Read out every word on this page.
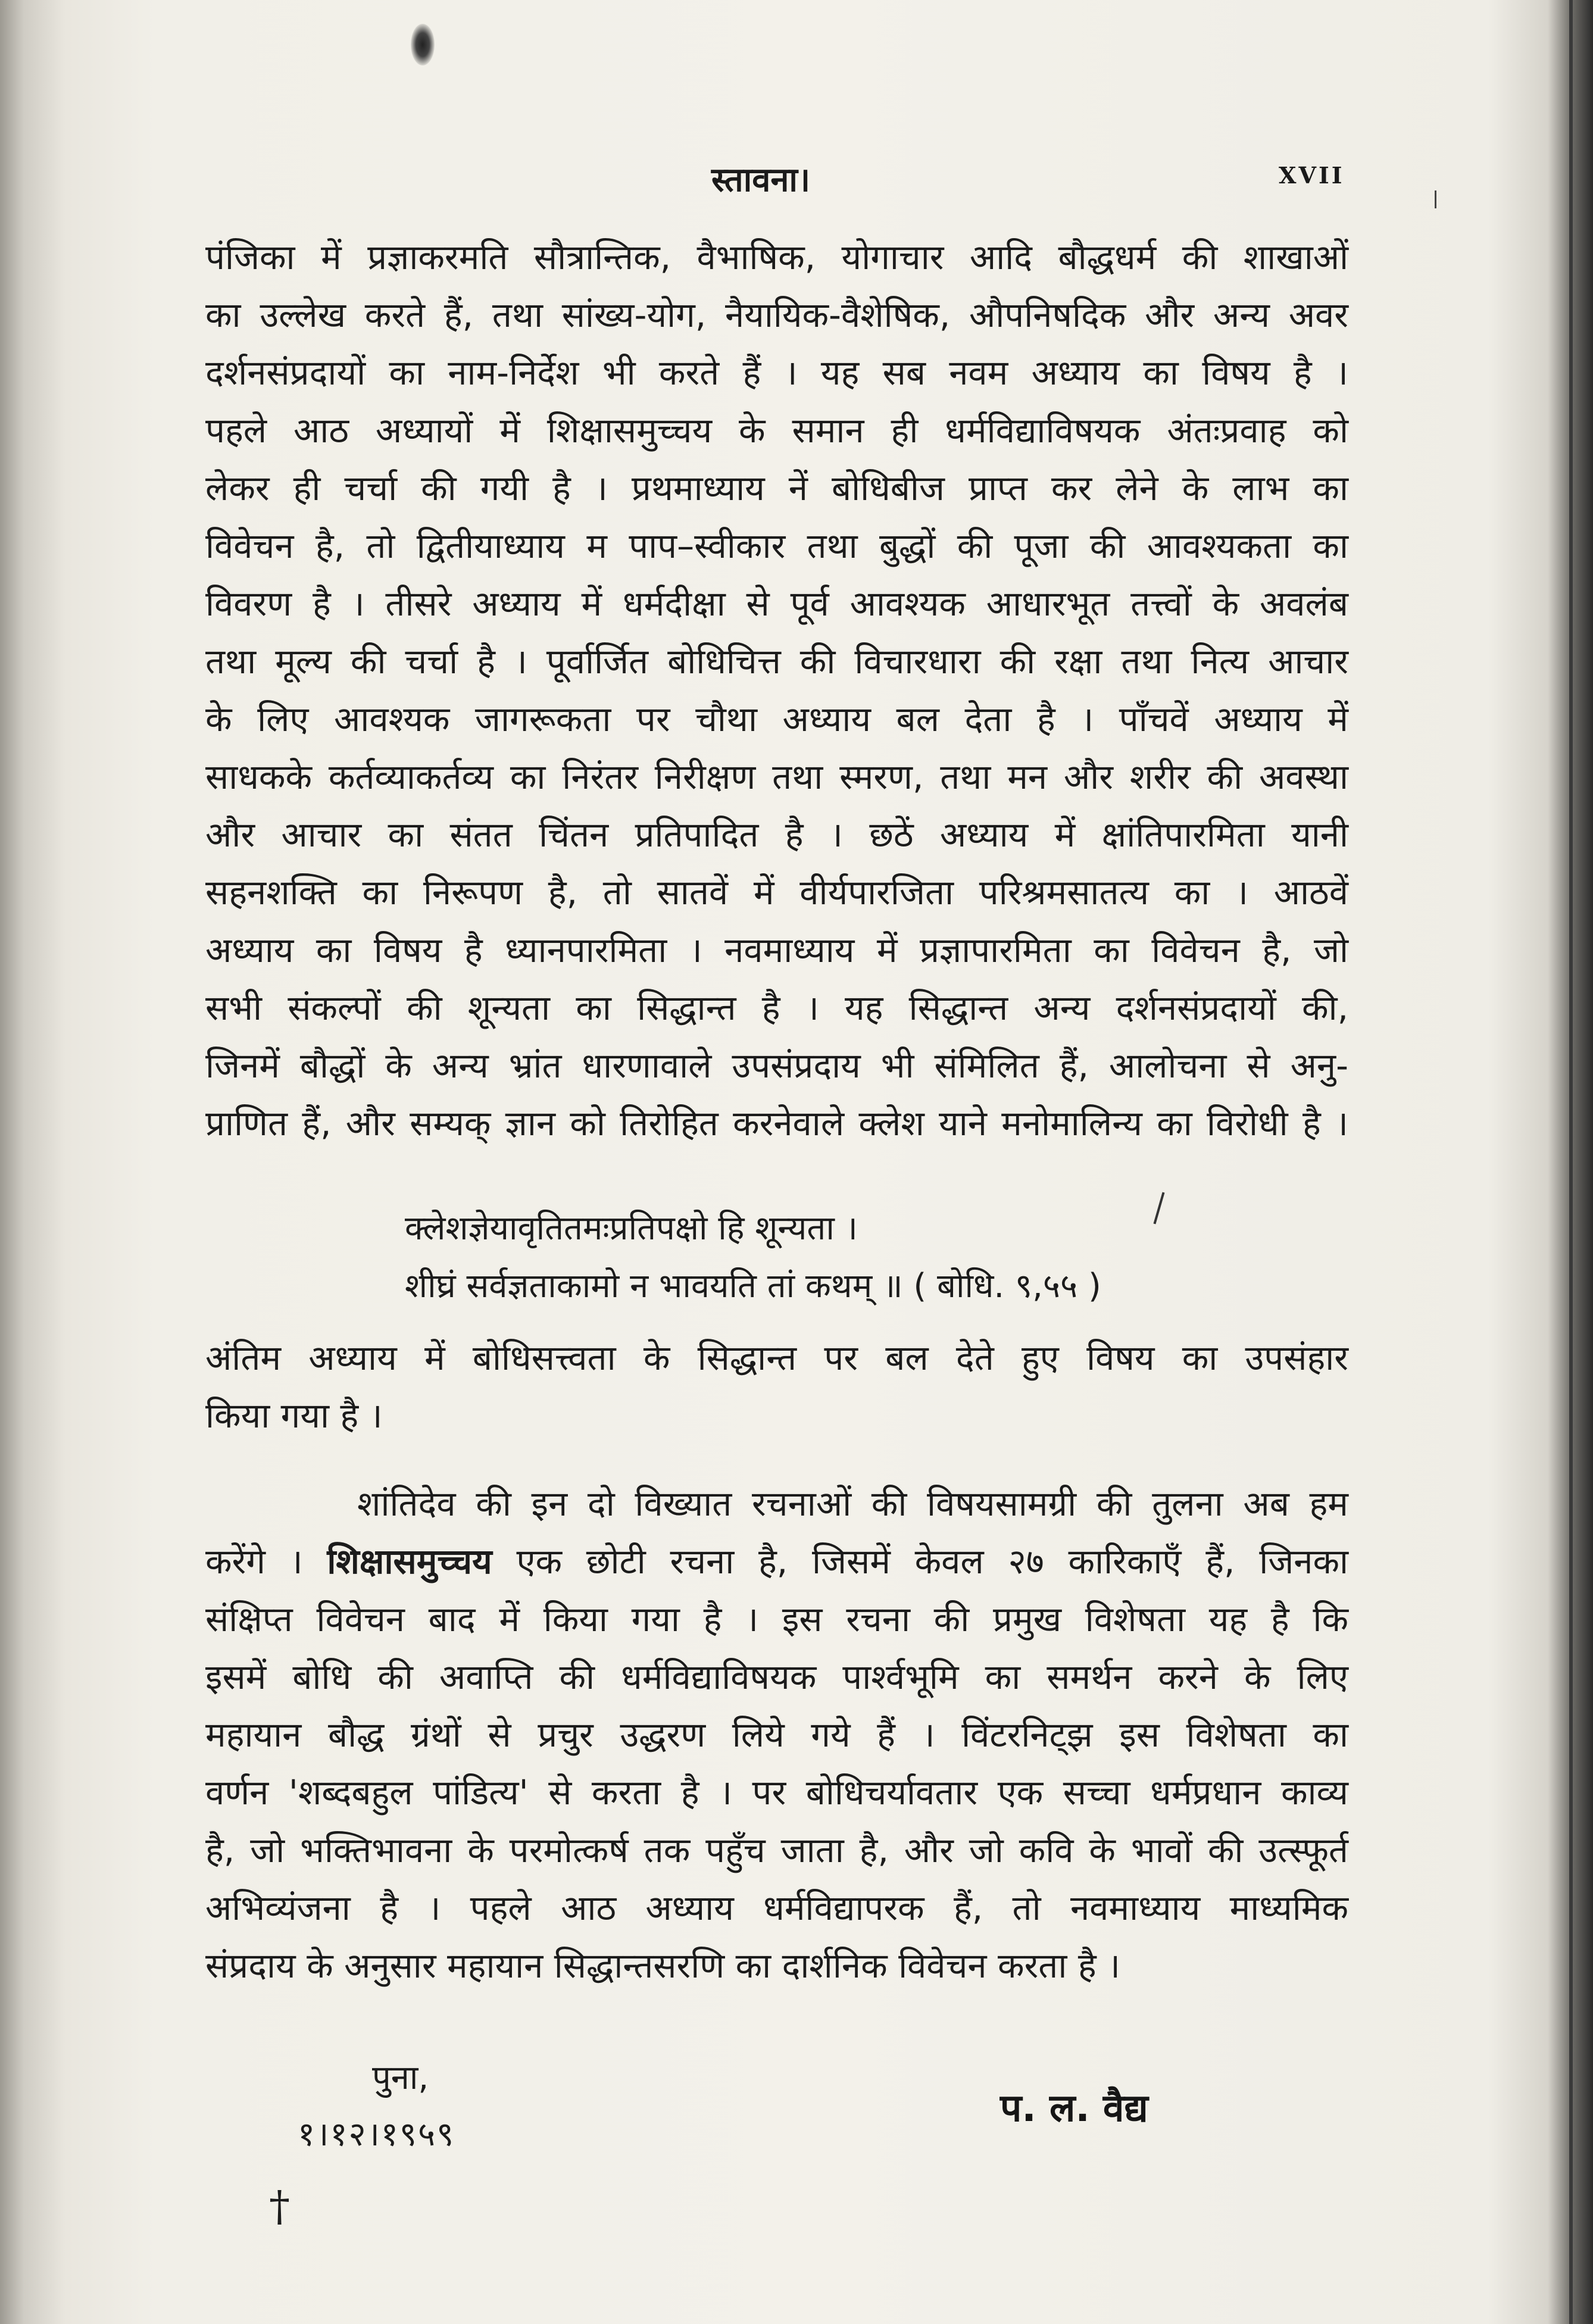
स्तावना।	XVII
पंजिका में प्रज्ञाकरमति सौत्रान्तिक, वैभाषिक, योगाचार आदि बौद्धधर्म की शाखाओं
का उल्लेख करते हैं, तथा सांख्य-योग, नैयायिक-वैशेषिक, औपनिषदिक और अन्य अवर
दर्शनसंप्रदायों का नाम-निर्देश भी करते हैं । यह सब नवम अध्याय का विषय है ।
पहले आठ अध्यायों में शिक्षासमुच्चय के समान ही धर्मविद्याविषयक अंतःप्रवाह को
लेकर ही चर्चा की गयी है । प्रथमाध्याय नें बोधिबीज प्राप्त कर लेने के लाभ का
विवेचन है, तो द्वितीयाध्याय म पाप–स्वीकार तथा बुद्धों की पूजा की आवश्यकता का
विवरण है । तीसरे अध्याय में धर्मदीक्षा से पूर्व आवश्यक आधारभूत तत्त्वों के अवलंब
तथा मूल्य की चर्चा है । पूर्वार्जित बोधिचित्त की विचारधारा की रक्षा तथा नित्य आचार
के लिए आवश्यक जागरूकता पर चौथा अध्याय बल देता है । पाँचवें अध्याय में
साधकके कर्तव्याकर्तव्य का निरंतर निरीक्षण तथा स्मरण, तथा मन और शरीर की अवस्था
और आचार का संतत चिंतन प्रतिपादित है । छठें अध्याय में क्षांतिपारमिता यानी
सहनशक्ति का निरूपण है, तो सातवें में वीर्यपारजिता परिश्रमसातत्य का । आठवें
अध्याय का विषय है ध्यानपारमिता । नवमाध्याय में प्रज्ञापारमिता का विवेचन है, जो
सभी संकल्पों की शून्यता का सिद्धान्त है । यह सिद्धान्त अन्य दर्शनसंप्रदायों की,
जिनमें बौद्धों के अन्य भ्रांत धारणावाले उपसंप्रदाय भी संमिलित हैं, आलोचना से अनु-
प्राणित हैं, और सम्यक् ज्ञान को तिरोहित करनेवाले क्लेश याने मनोमालिन्य का विरोधी है ।
क्लेशज्ञेयावृतितमःप्रतिपक्षो हि शून्यता ।
शीघ्रं सर्वज्ञताकामो न भावयति तां कथम् ॥ ( बोधि. ९,५५ )
अंतिम अध्याय में बोधिसत्त्वता के सिद्धान्त पर बल देते हुए विषय का उपसंहार
किया गया है ।
शांतिदेव की इन दो विख्यात रचनाओं की विषयसामग्री की तुलना अब हम
करेंगे । शिक्षासमुच्चय एक छोटी रचना है, जिसमें केवल २७ कारिकाएँ हैं, जिनका
संक्षिप्त विवेचन बाद में किया गया है । इस रचना की प्रमुख विशेषता यह है कि
इसमें बोधि की अवाप्ति की धर्मविद्याविषयक पार्श्वभूमि का समर्थन करने के लिए
महायान बौद्ध ग्रंथों से प्रचुर उद्धरण लिये गये हैं । विंटरनिट्झ इस विशेषता का
वर्णन 'शब्दबहुल पांडित्य' से करता है । पर बोधिचर्यावतार एक सच्चा धर्मप्रधान काव्य
है, जो भक्तिभावना के परमोत्कर्ष तक पहुँच जाता है, और जो कवि के भावों की उत्स्फूर्त
अभिव्यंजना है । पहले आठ अध्याय धर्मविद्यापरक हैं, तो नवमाध्याय माध्यमिक
संप्रदाय के अनुसार महायान सिद्धान्तसरणि का दार्शनिक विवेचन करता है ।
पुना,
१।१२।१९५९
प. ल. वैद्य
†
